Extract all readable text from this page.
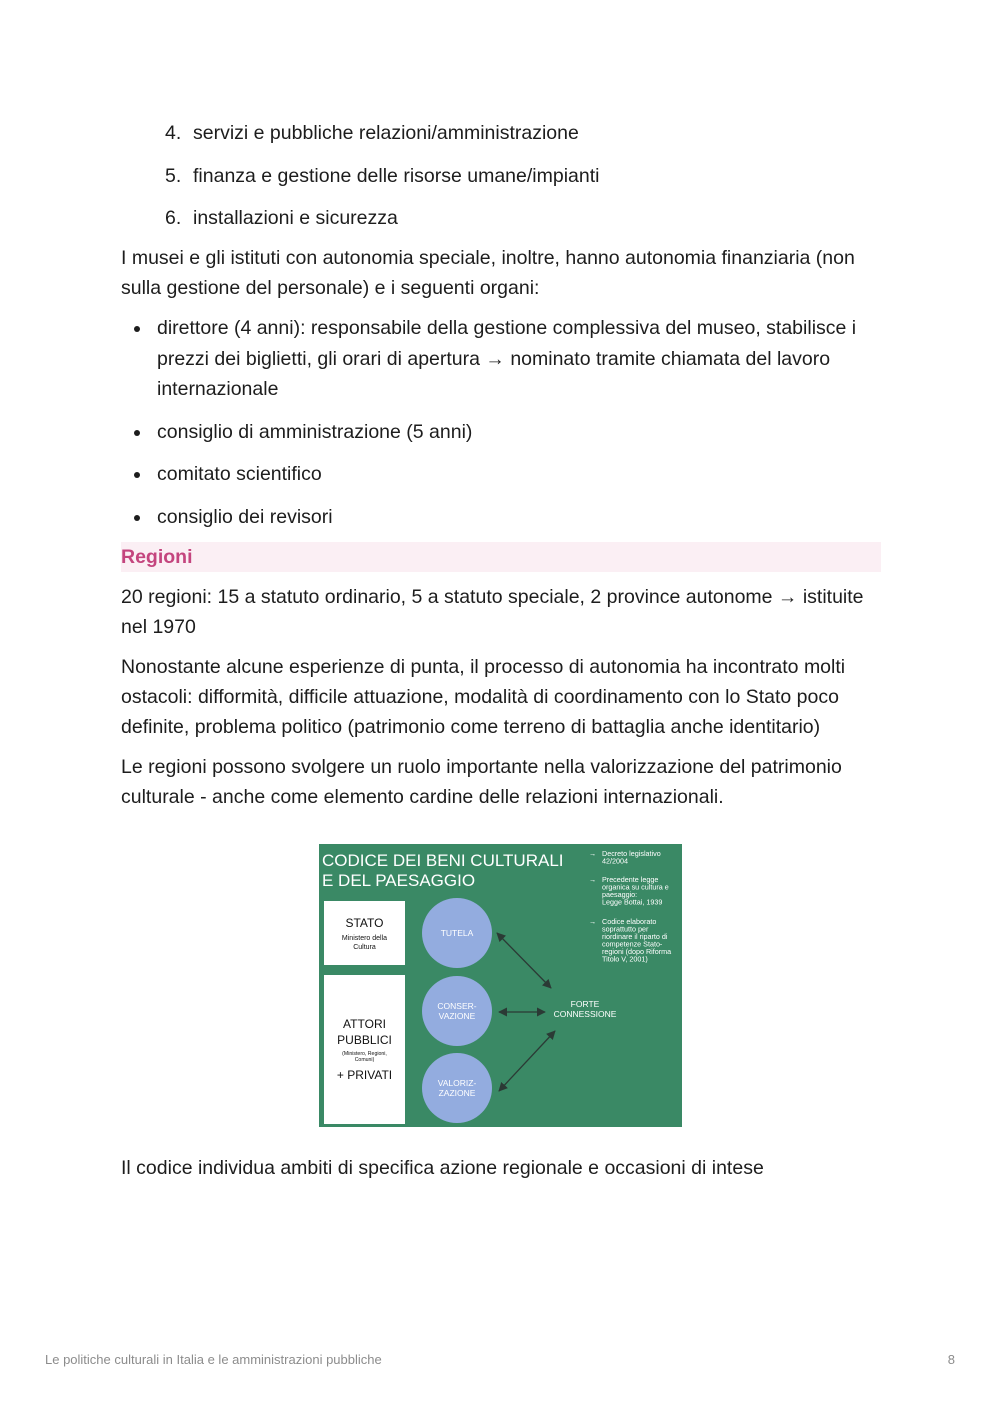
4. servizi e pubbliche relazioni/amministrazione
5. finanza e gestione delle risorse umane/impianti
6. installazioni e sicurezza

I musei e gli istituti con autonomia speciale, inoltre, hanno autonomia finanziaria (non sulla gestione del personale) e i seguenti organi:

direttore (4 anni): responsabile della gestione complessiva del museo, stabilisce i prezzi dei biglietti, gli orari di apertura → nominato tramite chiamata del lavoro internazionale
consiglio di amministrazione (5 anni)
comitato scientifico
consiglio dei revisori
Regioni

20 regioni: 15 a statuto ordinario, 5 a statuto speciale, 2 province autonome → istituite nel 1970

Nonostante alcune esperienze di punta, il processo di autonomia ha incontrato molti ostacoli: difformità, difficile attuazione, modalità di coordinamento con lo Stato poco definite, problema politico (patrimonio come terreno di battaglia anche identitario)

Le regioni possono svolgere un ruolo importante nella valorizzazione del patrimonio culturale - anche come elemento cardine delle relazioni internazionali.

CODICE DEI BENI CULTURALI
E DEL PAESAGGIO
→ Decreto legislativo
42/2004
→ Precedente legge
organica su cultura e
paesaggio:
Legge Bottai, 1939
→ Codice elaborato
soprattutto per
riordinare il riparto di
competenze Stato-
regioni (dopo Riforma
Titolo V, 2001)
STATO
Ministero della
Cultura
ATTORI
PUBBLICI
(Ministero, Regioni,
Comuni)
+ PRIVATI
TUTELA
CONSER-
VAZIONE
VALORIZ-
ZAZIONE
FORTE
CONNESSIONE

Il codice individua ambiti di specifica azione regionale e occasioni di intese

Le politiche culturali in Italia e le amministrazioni pubbliche	8
